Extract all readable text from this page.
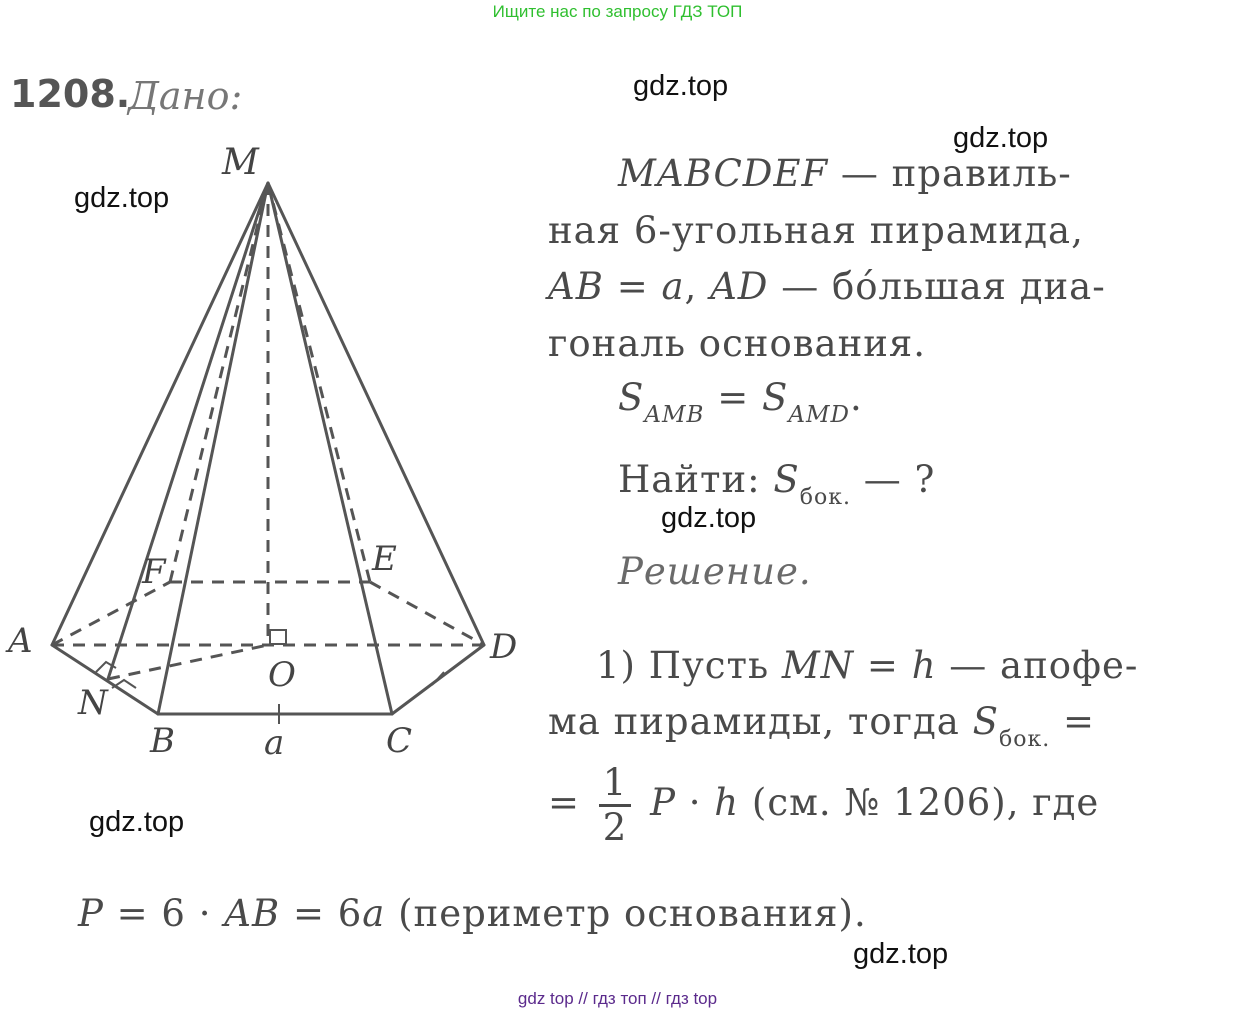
Ищите нас по запросу ГДЗ ТОП
gdz.top
gdz.top
gdz.top
gdz.top
gdz.top
gdz.top
1208.
Дано:
M
A
B	C
D
E
F
N
O
a
MABCDEF — правиль-
ная 6-угольная пирамида,
AB = a, AD — бóльшая диа-
гональ основания.
$S_{AMB} = S_{AMD}$.
Найти: $S_{бок.}$ — ?
Решение.
1) Пусть MN = h — апофе-
ма пирамиды, тогда $S_{бок.}$ =
= $\frac{1}{2}$ P · h (см. № 1206), где
P = 6 · AB = 6a (периметр основания).
gdz top // гдз топ // гдз top
